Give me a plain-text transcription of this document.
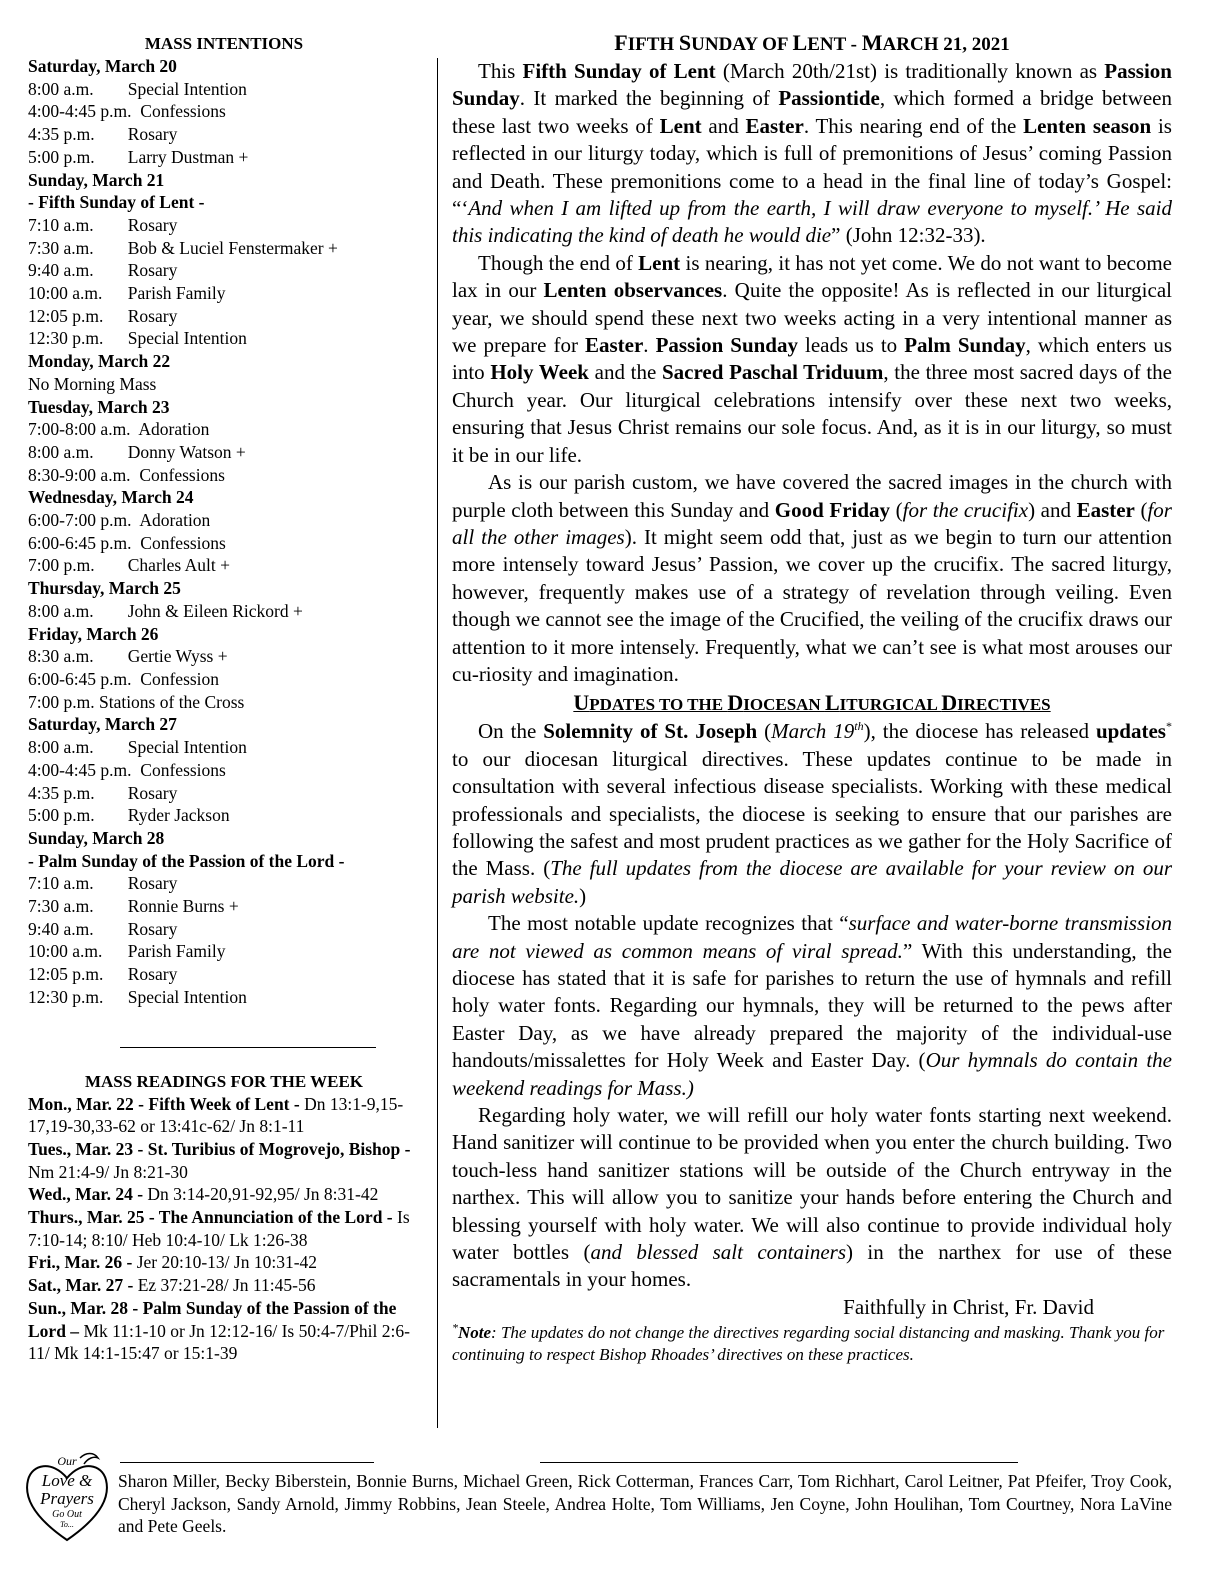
MASS INTENTIONS
Saturday, March 20
8:00 a.m. Special Intention
4:00-4:45 p.m. Confessions
4:35 p.m. Rosary
5:00 p.m. Larry Dustman +
Sunday, March 21
- Fifth Sunday of Lent -
7:10 a.m. Rosary
7:30 a.m. Bob & Luciel Fenstermaker +
9:40 a.m. Rosary
10:00 a.m. Parish Family
12:05 p.m. Rosary
12:30 p.m. Special Intention
Monday, March 22
No Morning Mass
Tuesday, March 23
7:00-8:00 a.m. Adoration
8:00 a.m. Donny Watson +
8:30-9:00 a.m. Confessions
Wednesday, March 24
6:00-7:00 p.m. Adoration
6:00-6:45 p.m. Confessions
7:00 p.m. Charles Ault +
Thursday, March 25
8:00 a.m. John & Eileen Rickord +
Friday, March 26
8:30 a.m. Gertie Wyss +
6:00-6:45 p.m. Confession
7:00 p.m. Stations of the Cross
Saturday, March 27
8:00 a.m. Special Intention
4:00-4:45 p.m. Confessions
4:35 p.m. Rosary
5:00 p.m. Ryder Jackson
Sunday, March 28
- Palm Sunday of the Passion of the Lord -
7:10 a.m. Rosary
7:30 a.m. Ronnie Burns +
9:40 a.m. Rosary
10:00 a.m. Parish Family
12:05 p.m. Rosary
12:30 p.m. Special Intention
MASS READINGS FOR THE WEEK
Mon., Mar. 22 - Fifth Week of Lent - Dn 13:1-9,15-17,19-30,33-62 or 13:41c-62/ Jn 8:1-11
Tues., Mar. 23 - St. Turibius of Mogrovejo, Bishop - Nm 21:4-9/ Jn 8:21-30
Wed., Mar. 24 - Dn 3:14-20,91-92,95/ Jn 8:31-42
Thurs., Mar. 25 - The Annunciation of the Lord - Is 7:10-14; 8:10/ Heb 10:4-10/ Lk 1:26-38
Fri., Mar. 26 - Jer 20:10-13/ Jn 10:31-42
Sat., Mar. 27 - Ez 37:21-28/ Jn 11:45-56
Sun., Mar. 28 - Palm Sunday of the Passion of the Lord – Mk 11:1-10 or Jn 12:12-16/ Is 50:4-7/Phil 2:6-11/ Mk 14:1-15:47 or 15:1-39
FIFTH SUNDAY OF LENT - MARCH 21, 2021

This Fifth Sunday of Lent (March 20th/21st) is traditionally known as Passion Sunday. It marked the beginning of Passiontide, which formed a bridge between these last two weeks of Lent and Easter. This nearing end of the Lenten season is reflected in our liturgy today, which is full of premonitions of Jesus’ coming Passion and Death. These premonitions come to a head in the final line of today’s Gospel: “‘And when I am lifted up from the earth, I will draw everyone to myself.’ He said this indicating the kind of death he would die” (John 12:32-33).

Though the end of Lent is nearing, it has not yet come. We do not want to become lax in our Lenten observances. Quite the opposite! As is reflected in our liturgical year, we should spend these next two weeks acting in a very intentional manner as we prepare for Easter. Passion Sunday leads us to Palm Sunday, which enters us into Holy Week and the Sacred Paschal Triduum, the three most sacred days of the Church year. Our liturgical celebrations intensify over these next two weeks, ensuring that Jesus Christ remains our sole focus. And, as it is in our liturgy, so must it be in our life.

As is our parish custom, we have covered the sacred images in the church with purple cloth between this Sunday and Good Friday (for the crucifix) and Easter (for all the other images). It might seem odd that, just as we begin to turn our attention more intensely toward Jesus’ Passion, we cover up the crucifix. The sacred liturgy, however, frequently makes use of a strategy of revelation through veiling. Even though we cannot see the image of the Crucified, the veiling of the crucifix draws our attention to it more intensely. Frequently, what we can’t see is what most arouses our cu-riosity and imagination.

UPDATES TO THE DIOCESAN LITURGICAL DIRECTIVES

On the Solemnity of St. Joseph (March 19th), the diocese has released updates* to our diocesan liturgical directives. These updates continue to be made in consultation with several infectious disease specialists. Working with these medical professionals and specialists, the diocese is seeking to ensure that our parishes are following the safest and most prudent practices as we gather for the Holy Sacrifice of the Mass. (The full updates from the diocese are available for your review on our parish website.)

The most notable update recognizes that “surface and water-borne transmission are not viewed as common means of viral spread.” With this understanding, the diocese has stated that it is safe for parishes to return the use of hymnals and refill holy water fonts. Regarding our hymnals, they will be returned to the pews after Easter Day, as we have already prepared the majority of the individual-use handouts/missalettes for Holy Week and Easter Day. (Our hymnals do contain the weekend readings for Mass.)

Regarding holy water, we will refill our holy water fonts starting next weekend. Hand sanitizer will continue to be provided when you enter the church building. Two touch-less hand sanitizer stations will be outside of the Church entryway in the narthex. This will allow you to sanitize your hands before entering the Church and blessing yourself with holy water. We will also continue to provide individual holy water bottles (and blessed salt containers) in the narthex for use of these sacramentals in your homes.

Faithfully in Christ, Fr. David
*Note: The updates do not change the directives regarding social distancing and masking. Thank you for continuing to respect Bishop Rhoades’ directives on these practices.
Our
Love &
Prayers
Go Out
To...
Sharon Miller, Becky Biberstein, Bonnie Burns, Michael Green, Rick Cotterman, Frances Carr, Tom Richhart, Carol Leitner, Pat Pfeifer, Troy Cook, Cheryl Jackson, Sandy Arnold, Jimmy Robbins, Jean Steele, Andrea Holte, Tom Williams, Jen Coyne, John Houlihan, Tom Courtney, Nora LaVine and Pete Geels.
